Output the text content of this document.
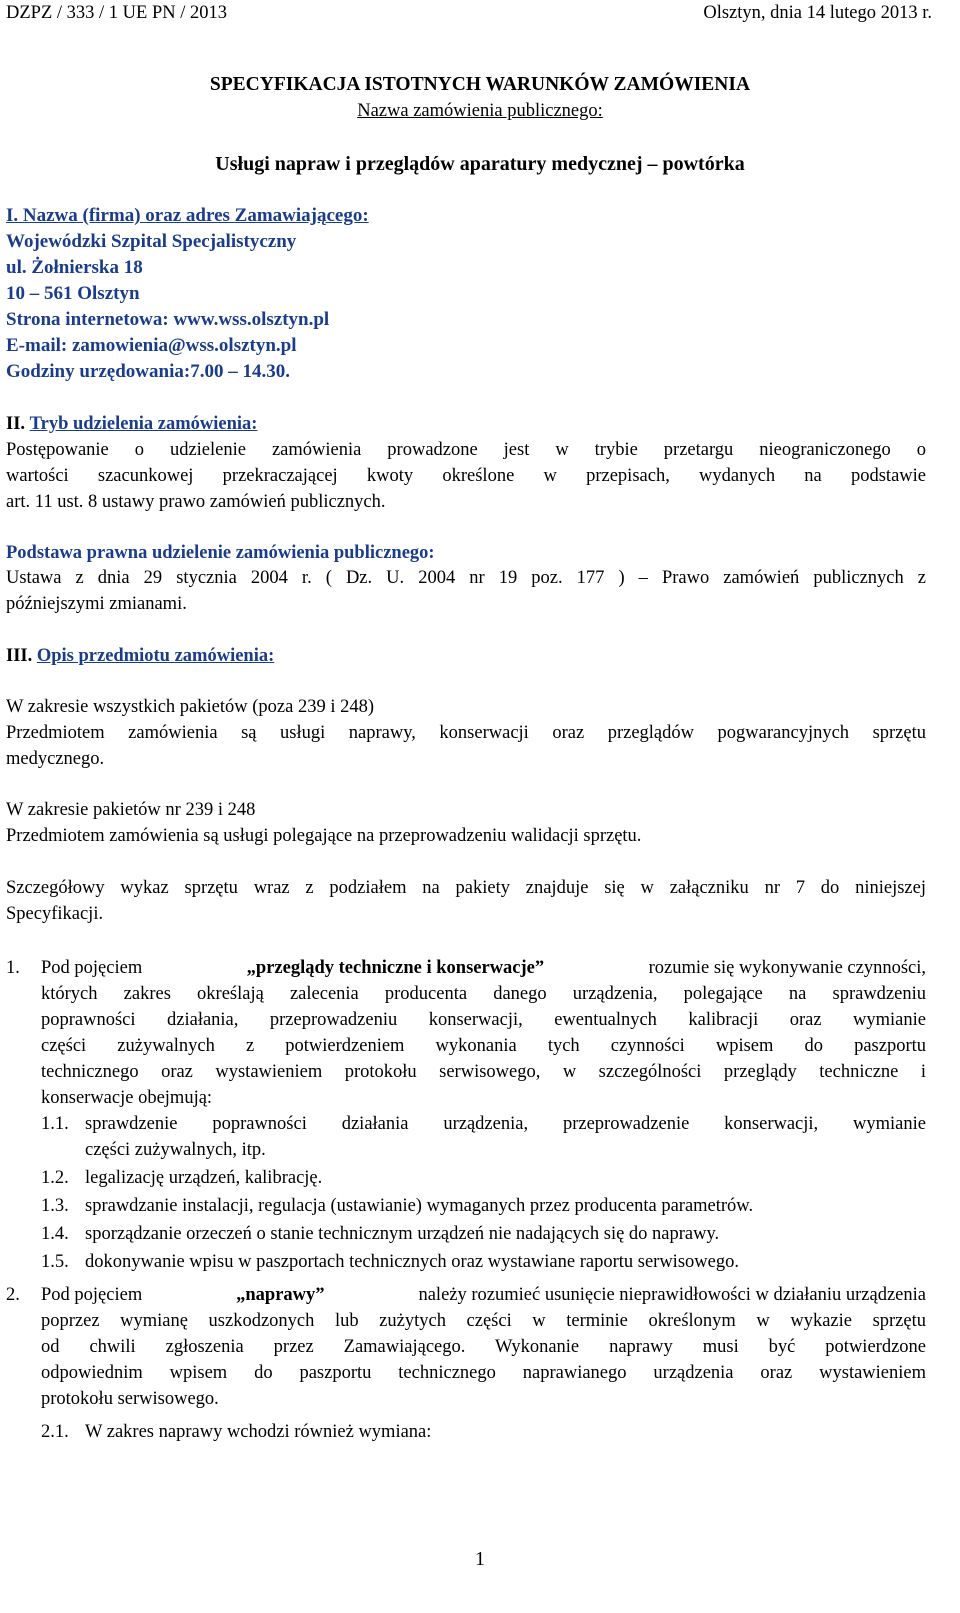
DZPZ / 333 / 1 UE PN / 2013	Olsztyn, dnia 14 lutego 2013 r.
SPECYFIKACJA ISTOTNYCH WARUNKÓW ZAMÓWIENIA
Nazwa zamówienia publicznego:
Usługi napraw i przeglądów aparatury medycznej – powtórka
I. Nazwa (firma) oraz adres Zamawiającego:
Wojewódzki Szpital Specjalistyczny
ul. Żołnierska 18
10 – 561 Olsztyn
Strona internetowa: www.wss.olsztyn.pl
E-mail: zamowienia@wss.olsztyn.pl
Godziny urzędowania:7.00 – 14.30.
II. Tryb udzielenia zamówienia:
Postępowanie o udzielenie zamówienia prowadzone jest w trybie przetargu nieograniczonego o
wartości szacunkowej przekraczającej kwoty określone w przepisach, wydanych na podstawie
art. 11 ust. 8 ustawy prawo zamówień publicznych.
Podstawa prawna udzielenie zamówienia publicznego:
Ustawa z dnia 29 stycznia 2004 r. ( Dz. U. 2004 nr 19 poz. 177 ) – Prawo zamówień publicznych z
późniejszymi zmianami.
III. Opis przedmiotu zamówienia:
W zakresie wszystkich pakietów (poza 239 i 248)
Przedmiotem zamówienia są usługi naprawy, konserwacji oraz przeglądów pogwarancyjnych sprzętu
medycznego.
W zakresie pakietów nr 239 i 248
Przedmiotem zamówienia są usługi polegające na przeprowadzeniu walidacji sprzętu.
Szczegółowy wykaz sprzętu wraz z podziałem na pakiety znajduje się w załączniku nr 7 do niniejszej
Specyfikacji.
1. Pod pojęciem	„przeglądy techniczne i konserwacje”	rozumie się wykonywanie czynności,
których zakres określają zalecenia producenta danego urządzenia, polegające na sprawdzeniu
poprawności działania, przeprowadzeniu konserwacji, ewentualnych kalibracji oraz wymianie
części zużywalnych z potwierdzeniem wykonania tych czynności wpisem do paszportu
technicznego oraz wystawieniem protokołu serwisowego, w szczególności przeglądy techniczne i
konserwacje obejmują:
1.1. sprawdzenie poprawności działania urządzenia, przeprowadzenie konserwacji, wymianie
części zużywalnych, itp.
1.2. legalizację urządzeń, kalibrację.
1.3. sprawdzanie instalacji, regulacja (ustawianie) wymaganych przez producenta parametrów.
1.4. sporządzanie orzeczeń o stanie technicznym urządzeń nie nadających się do naprawy.
1.5. dokonywanie wpisu w paszportach technicznych oraz wystawiane raportu serwisowego.
2. Pod pojęciem	„naprawy”	należy rozumieć usunięcie nieprawidłowości w działaniu urządzenia
poprzez wymianę uszkodzonych lub zużytych części w terminie określonym w wykazie sprzętu
od chwili zgłoszenia przez Zamawiającego. Wykonanie naprawy musi być potwierdzone
odpowiednim wpisem do paszportu technicznego naprawianego urządzenia oraz wystawieniem
protokołu serwisowego.
2.1. W zakres naprawy wchodzi również wymiana:
1
